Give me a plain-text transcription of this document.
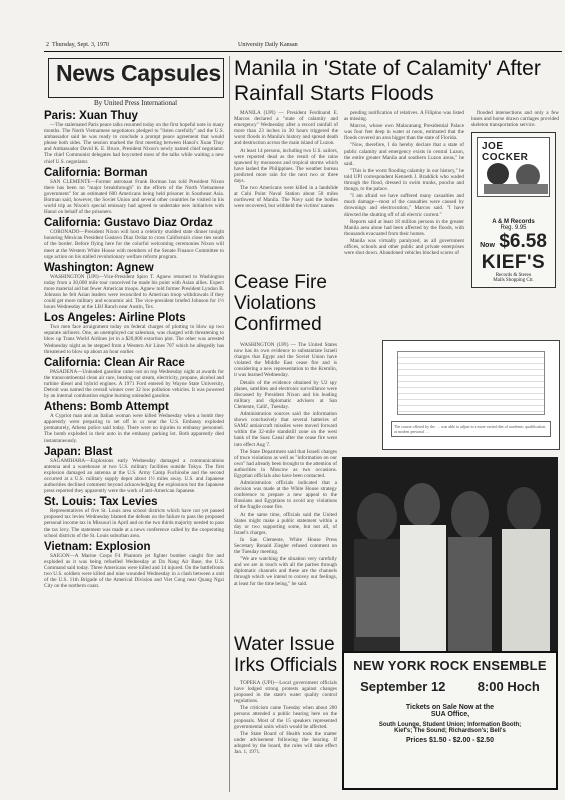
2 Thursday, Sept. 3, 1970	University Daily Kansan
News Capsules
By United Press International
Paris: Xuan Thuy

—The stalemated Paris peace talks resumed today on the first hopeful note in many months. The North Vietnamese negotiators pledged to "listen carefully" and the U.S. ambassador said he was ready to conclude a prompt peace agreement that would please both sides. The session marked the first meeting between Hanoi's Xuan Thuy and Ambassador David K. E. Bruce, President Nixon's newly named chief negotiator. The chief Communist delegates had boycotted most of the talks while waiting a new chief U.S. negotiator.

California: Borman

SAN CLEMENTE—Former astronaut Frank Borman has told President Nixon there has been no "major breakthrough" in the efforts of the North Vietnamese government" for an estimated 600 Americans being held prisoner in Southeast Asia. Borman said, however, the Soviet Union and several other countries he visited in his world trip as Nixon's special emissary had agreed to undertake new initiatives with Hanoi on behalf of the prisoners.

California: Gustavo Diaz Ordaz

CORONADO—President Nixon will host a celebrity studded state dinner tonight honoring Mexican President Gustavo Diaz Ordaz to cross California's close ties south of the border. Before flying here for the colorful welcoming ceremonies Nixon will meet at the Western White House with members of the Senate Finance Committee to urge action on his stalled revolutionary welfare reform program.

Washington: Agnew

WASHINGTON (UPI)—Vice-President Spiro T. Agnew returned to Washington today from a 30,000 mile tour conceived he made his point with Asian allies. Expect more material aid but fewer American troops. Agnew told former President Lyndon B. Johnson he felt Asian leaders were reconciled to American troop withdrawals if they could get more military and economic aid. The vice-president briefed Johnson for 1½ hours Wednesday at the LBJ Ranch near Austin, Tex.

Los Angeles: Airline Plots

Two men face arraignment today on federal charges of plotting to blow up two separate airliners. One, an unemployed car salesman, was charged with threatening to blow up Trans World Airlines jet in a $20,000 extortion plot. The other was arrested Wednesday night as he stepped from a Western Air Lines 707 which he allegedly has threatened to blow up about an hour earlier.

California: Clean Air Race

PASADENA—Unleaded gasoline came out on top Wednesday night at awards for the transcontinental clean air race, beating out steam, electricity, propane, alcohol and turbine diesel and hybrid engines. A 1971 Ford entered by Wayne State University, Detroit was named the overall winner over 32 low pollution vehicles. It was powered by an internal combustion engine burning unleaded gasoline.

Athens: Bomb Attempt

A Cypriot man and an Italian woman were killed Wednesday when a bomb they apparently were preparing to set off in or near the U.S. Embassy exploded prematurely, Athens police said today. There were no injuries to embassy personnel. The bomb exploded in their auto in the embassy parking lot. Both apparently died instantaneously.

Japan: Blast

SAGAMIHARA—Explosions early Wednesday damaged a communications antenna and a warehouse at two U.S. military facilities outside Tokyo. The first explosion damaged an antenna at the U.S. Army Camp Fuchinobe and the second occurred at a U.S. military supply depot about 1½ miles away. U.S. and Japanese authorities declined comment beyond acknowledging the explosions but the Japanese press reported they apparently were the work of anti-American Japanese.

St. Louis: Tax Levies

Representatives of five St. Louis area school districts which have not yet passed proposed tax levies Wednesday blamed the defeats on the failure to pass the proposed personal income tax in Missouri in April and on the two thirds majority needed to pass the tax levy. The statement was made at a news conference called by the cooperating school districts of the St. Louis suburban area.

Vietnam: Explosion

SAIGON—A Marine Corps F4 Phantom jet fighter bomber caught fire and exploded as it was being refuelled Wednesday at Da Nang Air Base, the U.S. Command said today. Three Americans were killed and 14 injured. On the battlefronts two U.S. soldiers were killed and nine wounded Wednesday in a clash between a unit of the U.S. 11th Brigade of the Americal Division and Viet Cong near Quang Ngai City on the northern coast.

Manila in 'State of Calamity' After Rainfall Starts Floods

MANILA (UPI) — President Ferdinand E. Marcos declared a "state of calamity and emergency" Wednesday after a record rainfall of more than 23 inches in 30 hours triggered the worst floods in Manila's history and spread death and destruction across the main island of Luzon.

At least 14 persons, including two U.S. sailors, were reported dead as the result of the rains spawned by monsoons and tropical storms which have lashed the Philippines. The weather bureau predicted more rain for the next two or three days.

The two Americans were killed in a landslide at Cubi Point Naval Station about 50 miles northwest of Manila. The Navy said the bodies were recovered, but withheld the victims' names

pending notification of relatives. A Filipino was listed as missing.

Marcos, whose own Malacanang Presidential Palace was four feet deep in water at noon, estimated that the floods covered an area bigger than the state of Florida.

"Now, therefore, I do hereby declare that a state of public calamity and emergency exists in central Luzon, the entire greater Manila and southern Luzon areas," he said.

"This is the worst flooding calamity in our history," he told UPI correspondent Kenneth J. Braddick who waded through the flood, dressed in swim trunks, poncho and thongs, to the palace.

"I am afraid we have suffered many casualties and much damage—most of the casualties were caused by drownings and electrocution," Marcos said. "I have directed the shutting off of all electric current."

Reports said at least 18 million persons in the greater Manila area alone had been affected by the floods, with thousands evacuated from their homes.

Manila was virtually paralyzed, as all government offices, schools and other public and private enterprises were shut down. Abandoned vehicles blocked scores of

flooded intersections and only a few buses and horse drawn carriages provided skeleton transportation service.

JOE COCKER
A & M Records
Reg. 9.95
Now $6.58
KIEF'S
Records & Stereo
Malls Shopping Ctr.
Cease Fire Violations Confirmed

WASHINGTON (UPI) — The United States now has its own evidence to substantiate Israeli charges that Egypt and the Soviet Union have violated the Middle East cease fire and is considering a new representation to the Kremlin, it was learned Wednesday.

Details of the evidence obtained by U2 spy planes, satellites and electronic surveillance were discussed by President Nixon and his leading military and diplomatic advisers at San Clemente, Calif., Tuesday.

Administration sources said the information shows conclusively that several batteries of SAM2 antiaircraft missiles were moved forward within the 32-mile standstill zone on the west bank of the Suez Canal after the cease fire went into effect Aug 7.

The State Department said that Israeli charges of truce violations as well as "information on our own" had already been brought to the attention of authorities in Moscow as two occasions. Egyptian officials also have been contacted.

Administration officials indicated that a decision was made at the White House strategy conference to prepare a new appeal to the Russians and Egyptians to avoid any violations of the fragile cease fire.

At the same time, officials said the United States might make a public statement within a day or two supporting some, but not all, of Israel's charges.

In San Clemente, White House Press Secretary Ronald Ziegler refused comment on the Tuesday meeting.

"We are watching the situation very carefully and we are in touch with all the parties through diplomatic channels and these are the channels through which we intend to convey our feelings, at least for the time being," he said.

The course offered by the … was able to adjust to a more varied diet of academic qualification at modest personal …
NEW YORK ROCK ENSEMBLE
September 12 8:00 Hoch
Tickets on Sale Now at the
SUA Office,
South Lounge, Student Union; Information Booth;
Kief's; The Sound; Richardson's; Bell's
Prices $1.50 - $2.00 - $2.50
Water Issue Irks Officials

TOPEKA (UPI)—Local government officials have lodged strong protests against changes proposed in the state's water quality control regulations.

The criticism came Tuesday when about 200 persons attended a public hearing here on the proposals. Most of the 15 speakers represented governmental units which would be affected.

The State Board of Health took the matter under advisement following the hearing. If adopted by the board, the rules will take effect Jan. 1, 1971.
